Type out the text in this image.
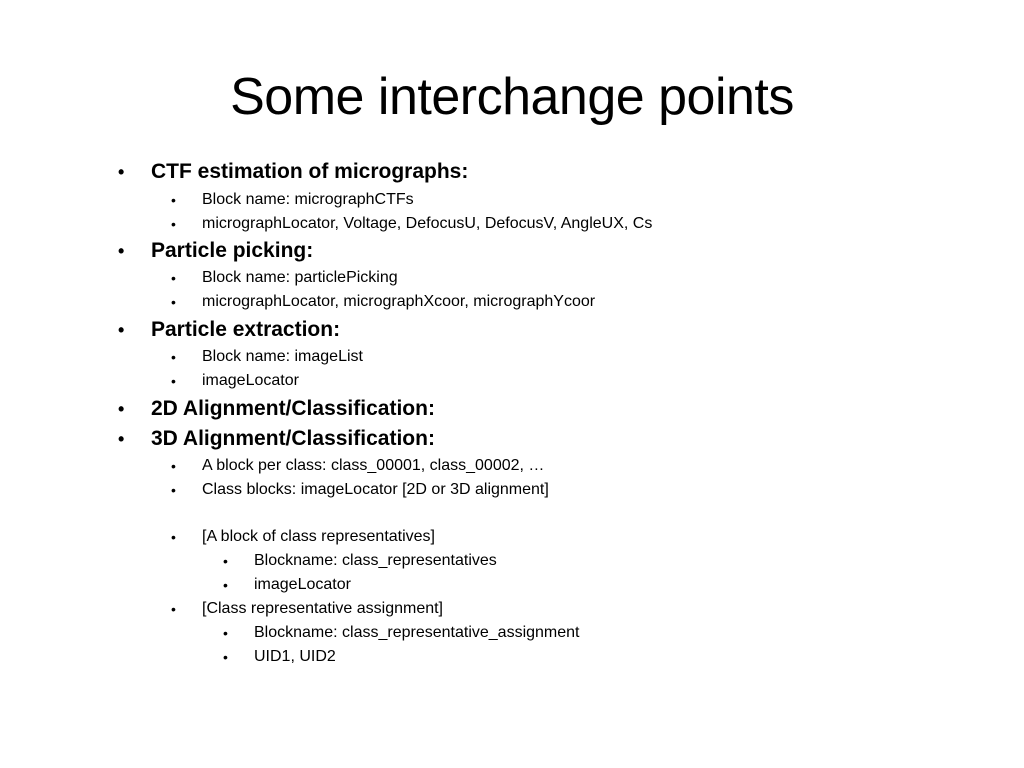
Some interchange points
• CTF estimation of micrographs:
• Block name: micrographCTFs
• micrographLocator, Voltage, DefocusU, DefocusV, AngleUX, Cs
• Particle picking:
• Block name: particlePicking
• micrographLocator, micrographXcoor, micrographYcoor
• Particle extraction:
• Block name: imageList
• imageLocator
• 2D Alignment/Classification:
• 3D Alignment/Classification:
• A block per class: class_00001, class_00002, …
• Class blocks: imageLocator [2D or 3D alignment]
• [A block of class representatives]
• Blockname: class_representatives
• imageLocator
• [Class representative assignment]
• Blockname: class_representative_assignment
• UID1, UID2
